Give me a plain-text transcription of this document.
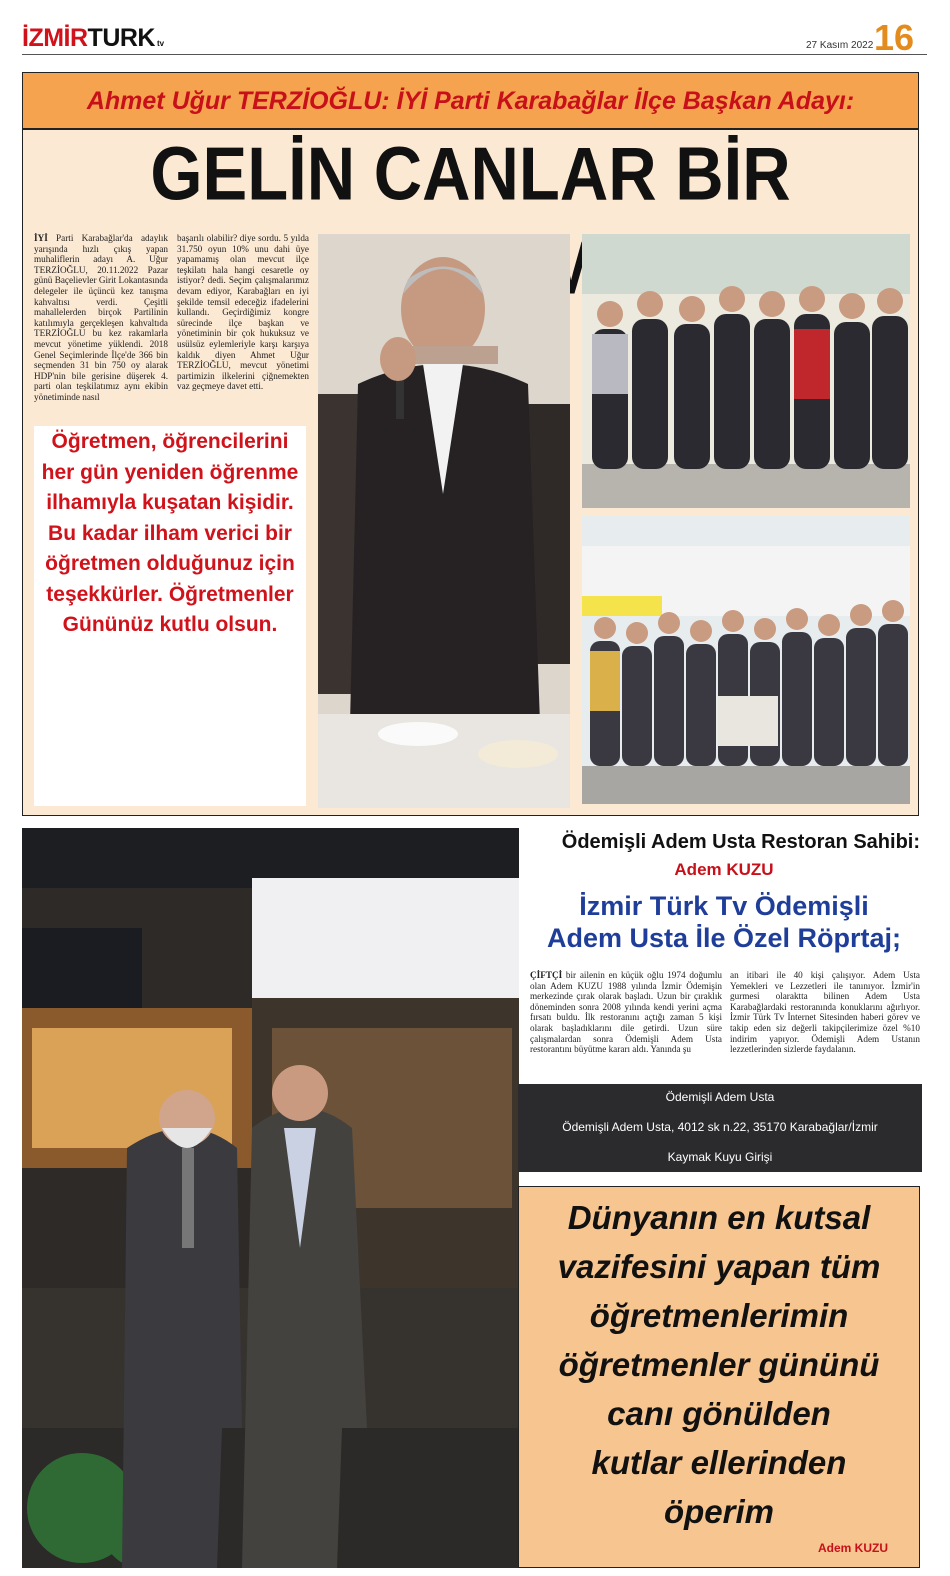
İZMİRTURK tv	27 Kasım 2022 16
Ahmet Uğur TERZİOĞLU: İYİ Parti Karabağlar İlçe Başkan Adayı:
GELİN CANLAR BİR
İYİ Parti Karabağlar'da adaylık yarışında hızlı çıkış yapan muhaliflerin adayı A. Uğur TERZİOĞLU, 20.11.2022 Pazar günü Baçelievler Girit Lokantasında delegeler ile üçüncü kez tanışma kahvaltısı verdi. Çeşitli mahallelerden birçok Partilinin katılımıyla gerçekleşen kahvaltıda TERZİOĞLU bu kez rakamlarla mevcut yönetime yüklendi. 2018 Genel Seçimlerinde İlçe'de 366 bin seçmenden 31 bin 750 oy alarak HDP'nin bile gerisine düşerek 4. parti olan teşkilatımız aynı ekibin yönetiminde nasıl
başarılı olabilir? diye sordu. 5 yılda 31.750 oyun 10% unu dahi üye yapamamış olan mevcut ilçe teşkilatı hala hangi cesaretle oy istiyor? dedi. Seçim çalışmalarımız devam ediyor, Karabağları en iyi şekilde temsil edeceğiz ifadelerini kullandı. Geçirdiğimiz kongre sürecinde ilçe başkan ve yönetiminin bir çok hukuksuz ve usülsüz eylemleriyle karşı karşıya kaldık diyen Ahmet Uğur TERZİOĞLU, mevcut yönetimi partimizin ilkelerini çiğnemekten vaz geçmeye davet etti.
Öğretmen, öğrencilerini her gün yeniden öğrenme ilhamıyla kuşatan kişidir. Bu kadar ilham verici bir öğretmen olduğunuz için teşekkürler. Öğretmenler Gününüz kutlu olsun.
Ödemişli Adem Usta Restoran Sahibi:
Adem KUZU
İzmir Türk Tv Ödemişli
Adem Usta İle Özel Röprtaj;
ÇİFTÇİ bir ailenin en küçük oğlu 1974 doğumlu olan Adem KUZU 1988 yılında İzmir Ödemişin merkezinde çırak olarak başladı. Uzun bir çıraklık döneminden sonra 2008 yılında kendi yerini açma fırsatı buldu. İlk restoranını açtığı zaman 5 kişi olarak başladıklarını dile getirdi. Uzun süre çalışmalardan sonra Ödemişli Adem Usta restorantını büyütme kararı aldı. Yanında şu
an itibari ile 40 kişi çalışıyor. Adem Usta Yemekleri ve Lezzetleri ile tanınıyor. İzmir'in gurmesi olaraktta bilinen Adem Usta Karabağlardaki restoranında konuklarını ağırlıyor. İzmir Türk Tv İnternet Sitesinden haberi görev ve takip eden siz değerli takipçilerimize özel %10 indirim yapıyor. Ödemişli Adem Ustanın lezzetlerinden sizlerde faydalanın.
Ödemişli Adem Usta
Ödemişli Adem Usta, 4012 sk n.22, 35170 Karabağlar/İzmir
Kaymak Kuyu Girişi
Dünyanın en kutsal
vazifesini yapan tüm
öğretmenlerimin
öğretmenler gününü
canı gönülden
kutlar ellerinden
öperim
Adem KUZU
